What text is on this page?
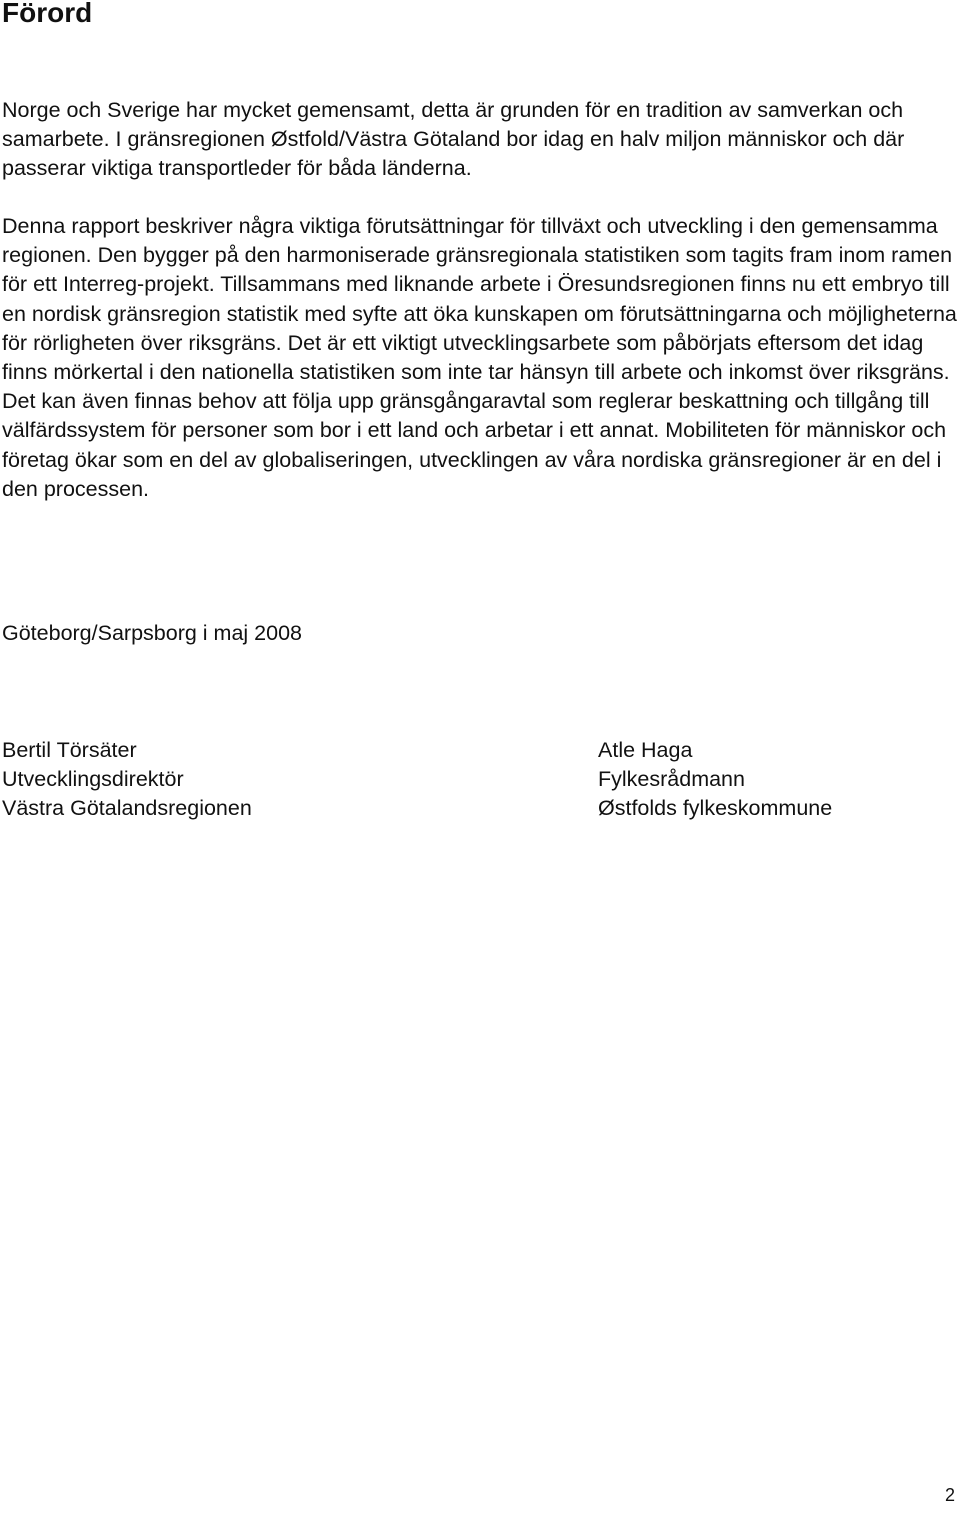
Förord

Norge och Sverige har mycket gemensamt, detta är grunden för en tradition av samverkan och samarbete. I gränsregionen Østfold/Västra Götaland bor idag en halv miljon människor och där passerar viktiga transportleder för båda länderna.

Denna rapport beskriver några viktiga förutsättningar för tillväxt och utveckling i den gemensamma regionen. Den bygger på den harmoniserade gränsregionala statistiken som tagits fram inom ramen för ett Interreg-projekt. Tillsammans med liknande arbete i Öresundsregionen finns nu ett embryo till en nordisk gränsregion statistik med syfte att öka kunskapen om förutsättningarna och möjligheterna för rörligheten över riksgräns. Det är ett viktigt utvecklingsarbete som påbörjats eftersom det idag finns mörkertal i den nationella statistiken som inte tar hänsyn till arbete och inkomst över riksgräns. Det kan även finnas behov att följa upp gränsgångaravtal som reglerar beskattning och tillgång till välfärdssystem för personer som bor i ett land och arbetar i ett annat. Mobiliteten för människor och företag ökar som en del av globaliseringen, utvecklingen av våra nordiska gränsregioner är en del i den processen.

Göteborg/Sarpsborg i maj 2008

Bertil Törsäter
Utvecklingsdirektör
Västra Götalandsregionen
Atle Haga
Fylkesrådmann
Østfolds fylkeskommune
2
